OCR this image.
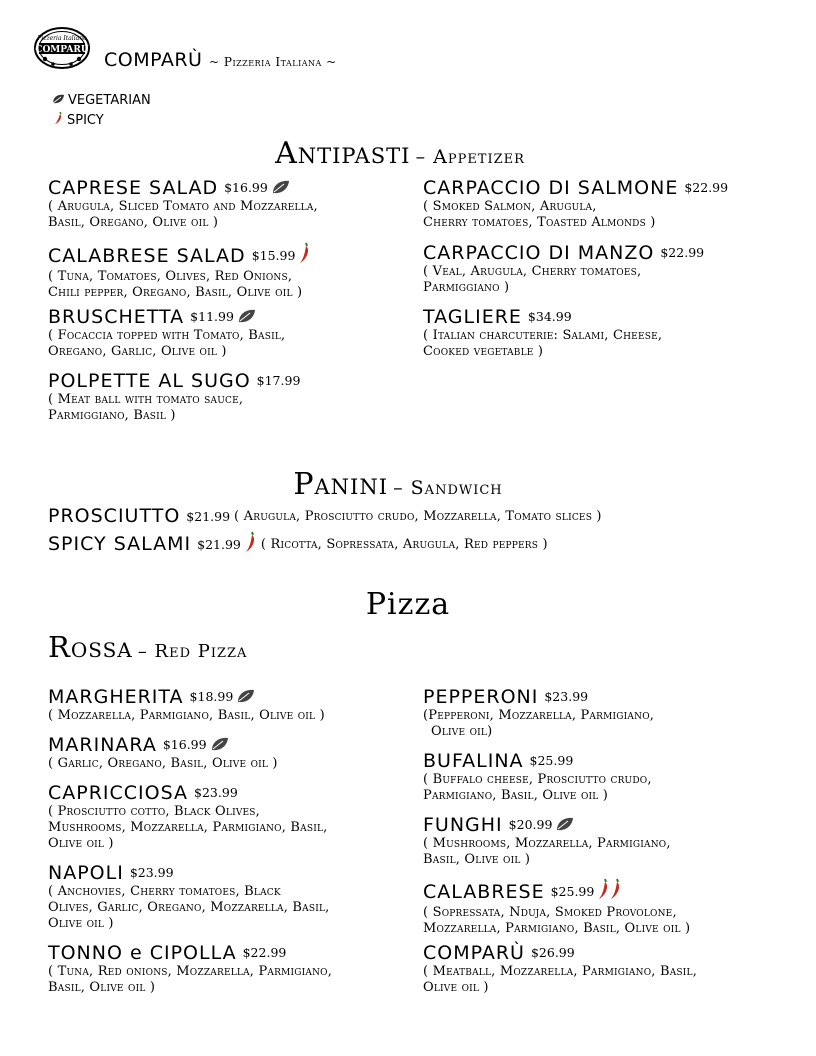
Pizzeria Italiana
COMPARU COMPARÙ ~ Pizzeria Italiana ~
VEGETARIAN
SPICY
Antipasti – Appetizer
CAPRESE SALAD $16.99
( Arugula, Sliced Tomato and Mozzarella,
Basil, Oregano, Olive oil )
CALABRESE SALAD $15.99
( Tuna, Tomatoes, Olives, Red Onions,
Chili pepper, Oregano, Basil, Olive oil )
BRUSCHETTA $11.99
( Focaccia topped with Tomato, Basil,
Oregano, Garlic, Olive oil )
POLPETTE AL SUGO $17.99
( Meat ball with tomato sauce,
Parmiggiano, Basil )
CARPACCIO DI SALMONE $22.99
( Smoked Salmon, Arugula,
Cherry tomatoes, Toasted Almonds )
CARPACCIO DI MANZO $22.99
( Veal, Arugula, Cherry tomatoes,
Parmiggiano )
TAGLIERE $34.99
( Italian charcuterie: Salami, Cheese,
Cooked vegetable )
Panini – Sandwich
PROSCIUTTO $21.99 ( Arugula, Prosciutto crudo, Mozzarella, Tomato slices )
SPICY SALAMI $21.99 ( Ricotta, Sopressata, Arugula, Red peppers )
Pizza
Rossa – Red Pizza
MARGHERITA $18.99
( Mozzarella, Parmigiano, Basil, Olive oil )
MARINARA $16.99
( Garlic, Oregano, Basil, Olive oil )
CAPRICCIOSA $23.99
( Prosciutto cotto, Black Olives,
Mushrooms, Mozzarella, Parmigiano, Basil,
Olive oil )
NAPOLI $23.99
( Anchovies, Cherry tomatoes, Black
Olives, Garlic, Oregano, Mozzarella, Basil,
Olive oil )
TONNO e CIPOLLA $22.99
( Tuna, Red onions, Mozzarella, Parmigiano,
Basil, Olive oil )
PEPPERONI $23.99
(Pepperoni, Mozzarella, Parmigiano,
Olive oil)
BUFALINA $25.99
( Buffalo cheese, Prosciutto crudo,
Parmigiano, Basil, Olive oil )
FUNGHI $20.99
( Mushrooms, Mozzarella, Parmigiano,
Basil, Olive oil )
CALABRESE $25.99
( Sopressata, Nduja, Smoked Provolone,
Mozzarella, Parmigiano, Basil, Olive oil )
COMPARÙ $26.99
( Meatball, Mozzarella, Parmigiano, Basil,
Olive oil )
